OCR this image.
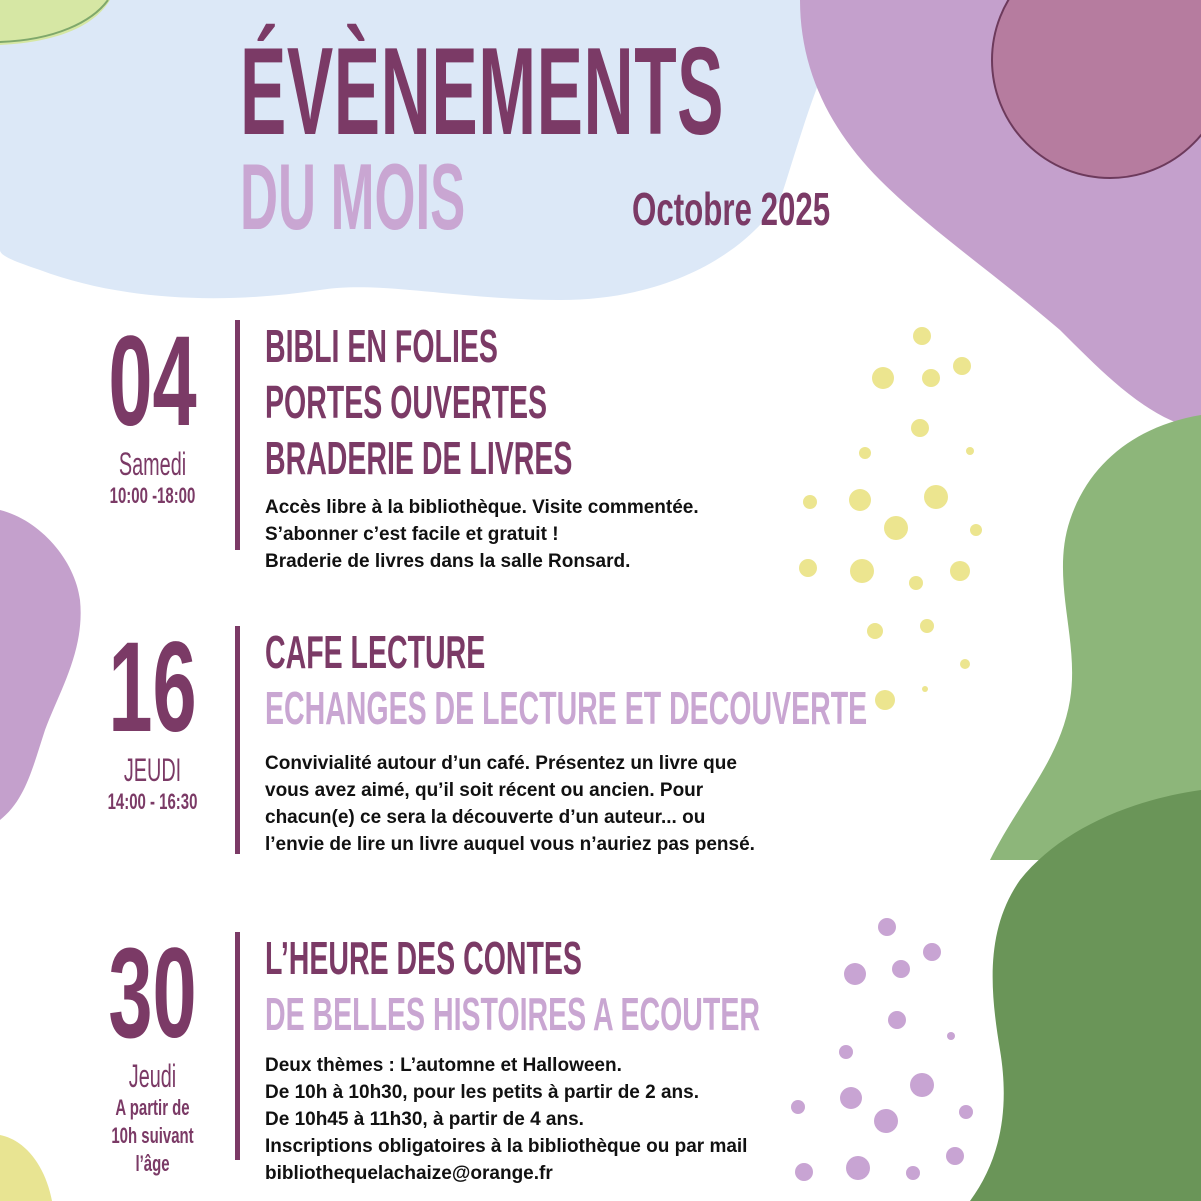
ÉVÈNEMENTS
DU MOIS	Octobre 2025
04
Samedi
10:00 -18:00
BIBLI EN FOLIES
PORTES OUVERTES
BRADERIE DE LIVRES
Accès libre à la bibliothèque. Visite commentée.
S’abonner c’est facile et gratuit !
Braderie de livres dans la salle Ronsard.
16
JEUDI
14:00 - 16:30
CAFE LECTURE
ECHANGES DE LECTURE ET DECOUVERTE
Convivialité autour d’un café. Présentez un livre que
vous avez aimé, qu’il soit récent ou ancien. Pour
chacun(e) ce sera la découverte d’un auteur... ou
l’envie de lire un livre auquel vous n’auriez pas pensé.
30
Jeudi
A partir de
10h suivant
l’âge
L’HEURE DES CONTES
DE BELLES HISTOIRES A ECOUTER
Deux thèmes : L’automne et Halloween.
De 10h à 10h30, pour les petits à partir de 2 ans.
De 10h45 à 11h30, à partir de 4 ans.
Inscriptions obligatoires à la bibliothèque ou par mail
bibliothequelachaize@orange.fr
